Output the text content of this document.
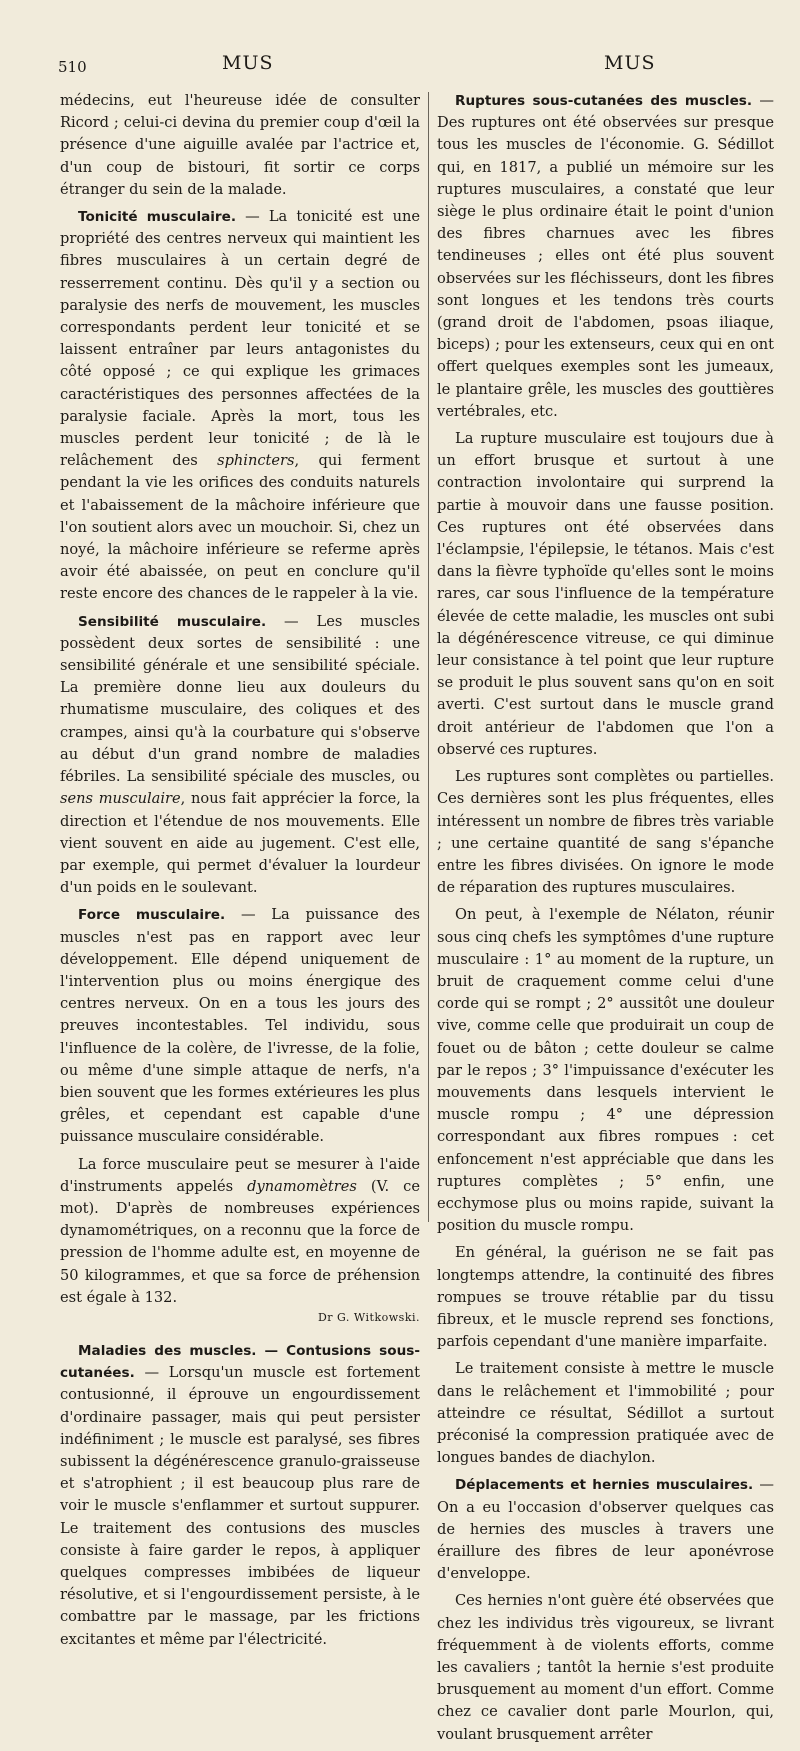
510	MUS	MUS

médecins, eut l'heureuse idée de consulter Ricord ; celui-ci devina du premier coup d'œil la présence d'une aiguille avalée par l'actrice et, d'un coup de bistouri, fit sortir ce corps étranger du sein de la malade.

Tonicité musculaire. — La tonicité est une propriété des centres nerveux qui maintient les fibres musculaires à un certain degré de resserrement continu. Dès qu'il y a section ou paralysie des nerfs de mouvement, les muscles correspondants perdent leur tonicité et se laissent entraîner par leurs antagonistes du côté opposé ; ce qui explique les grimaces caractéristiques des personnes affectées de la paralysie faciale. Après la mort, tous les muscles perdent leur tonicité ; de là le relâchement des sphincters, qui ferment pendant la vie les orifices des conduits naturels et l'abaissement de la mâchoire inférieure que l'on soutient alors avec un mouchoir. Si, chez un noyé, la mâchoire inférieure se referme après avoir été abaissée, on peut en conclure qu'il reste encore des chances de le rappeler à la vie.

Sensibilité musculaire. — Les muscles possèdent deux sortes de sensibilité : une sensibilité générale et une sensibilité spéciale. La première donne lieu aux douleurs du rhumatisme musculaire, des coliques et des crampes, ainsi qu'à la courbature qui s'observe au début d'un grand nombre de maladies fébriles. La sensibilité spéciale des muscles, ou sens musculaire, nous fait apprécier la force, la direction et l'étendue de nos mouvements. Elle vient souvent en aide au jugement. C'est elle, par exemple, qui permet d'évaluer la lourdeur d'un poids en le soulevant.

Force musculaire. — La puissance des muscles n'est pas en rapport avec leur développement. Elle dépend uniquement de l'intervention plus ou moins énergique des centres nerveux. On en a tous les jours des preuves incontestables. Tel individu, sous l'influence de la colère, de l'ivresse, de la folie, ou même d'une simple attaque de nerfs, n'a bien souvent que les formes extérieures les plus grêles, et cependant est capable d'une puissance musculaire considérable.

La force musculaire peut se mesurer à l'aide d'instruments appelés dynamomètres (V. ce mot). D'après de nombreuses expériences dynamométriques, on a reconnu que la force de pression de l'homme adulte est, en moyenne de 50 kilogrammes, et que sa force de préhension est égale à 132.

Dr G. Witkowski.

Maladies des muscles. — Contusions sous-cutanées. — Lorsqu'un muscle est fortement contusionné, il éprouve un engourdissement d'ordinaire passager, mais qui peut persister indéfiniment ; le muscle est paralysé, ses fibres subissent la dégénérescence granulo-graisseuse et s'atrophient ; il est beaucoup plus rare de voir le muscle s'enflammer et surtout suppurer. Le traitement des contusions des muscles consiste à faire garder le repos, à appliquer quelques compresses imbibées de liqueur résolutive, et si l'engourdissement persiste, à le combattre par le massage, par les frictions excitantes et même par l'électricité.

Ruptures sous-cutanées des muscles. — Des ruptures ont été observées sur presque tous les muscles de l'économie. G. Sédillot qui, en 1817, a publié un mémoire sur les ruptures musculaires, a constaté que leur siège le plus ordinaire était le point d'union des fibres charnues avec les fibres tendineuses ; elles ont été plus souvent observées sur les fléchisseurs, dont les fibres sont longues et les tendons très courts (grand droit de l'abdomen, psoas iliaque, biceps) ; pour les extenseurs, ceux qui en ont offert quelques exemples sont les jumeaux, le plantaire grêle, les muscles des gouttières vertébrales, etc.

La rupture musculaire est toujours due à un effort brusque et surtout à une contraction involontaire qui surprend la partie à mouvoir dans une fausse position. Ces ruptures ont été observées dans l'éclampsie, l'épilepsie, le tétanos. Mais c'est dans la fièvre typhoïde qu'elles sont le moins rares, car sous l'influence de la température élevée de cette maladie, les muscles ont subi la dégénérescence vitreuse, ce qui diminue leur consistance à tel point que leur rupture se produit le plus souvent sans qu'on en soit averti. C'est surtout dans le muscle grand droit antérieur de l'abdomen que l'on a observé ces ruptures.

Les ruptures sont complètes ou partielles. Ces dernières sont les plus fréquentes, elles intéressent un nombre de fibres très variable ; une certaine quantité de sang s'épanche entre les fibres divisées. On ignore le mode de réparation des ruptures musculaires.

On peut, à l'exemple de Nélaton, réunir sous cinq chefs les symptômes d'une rupture musculaire : 1° au moment de la rupture, un bruit de craquement comme celui d'une corde qui se rompt ; 2° aussitôt une douleur vive, comme celle que produirait un coup de fouet ou de bâton ; cette douleur se calme par le repos ; 3° l'impuissance d'exécuter les mouvements dans lesquels intervient le muscle rompu ; 4° une dépression correspondant aux fibres rompues : cet enfoncement n'est appréciable que dans les ruptures complètes ; 5° enfin, une ecchymose plus ou moins rapide, suivant la position du muscle rompu.

En général, la guérison ne se fait pas longtemps attendre, la continuité des fibres rompues se trouve rétablie par du tissu fibreux, et le muscle reprend ses fonctions, parfois cependant d'une manière imparfaite.

Le traitement consiste à mettre le muscle dans le relâchement et l'immobilité ; pour atteindre ce résultat, Sédillot a surtout préconisé la compression pratiquée avec de longues bandes de diachylon.

Déplacements et hernies musculaires. — On a eu l'occasion d'observer quelques cas de hernies des muscles à travers une éraillure des fibres de leur aponévrose d'enveloppe.

Ces hernies n'ont guère été observées que chez les individus très vigoureux, se livrant fréquemment à de violents efforts, comme les cavaliers ; tantôt la hernie s'est produite brusquement au moment d'un effort. Comme chez ce cavalier dont parle Mourlon, qui, voulant brusquement arrêter
